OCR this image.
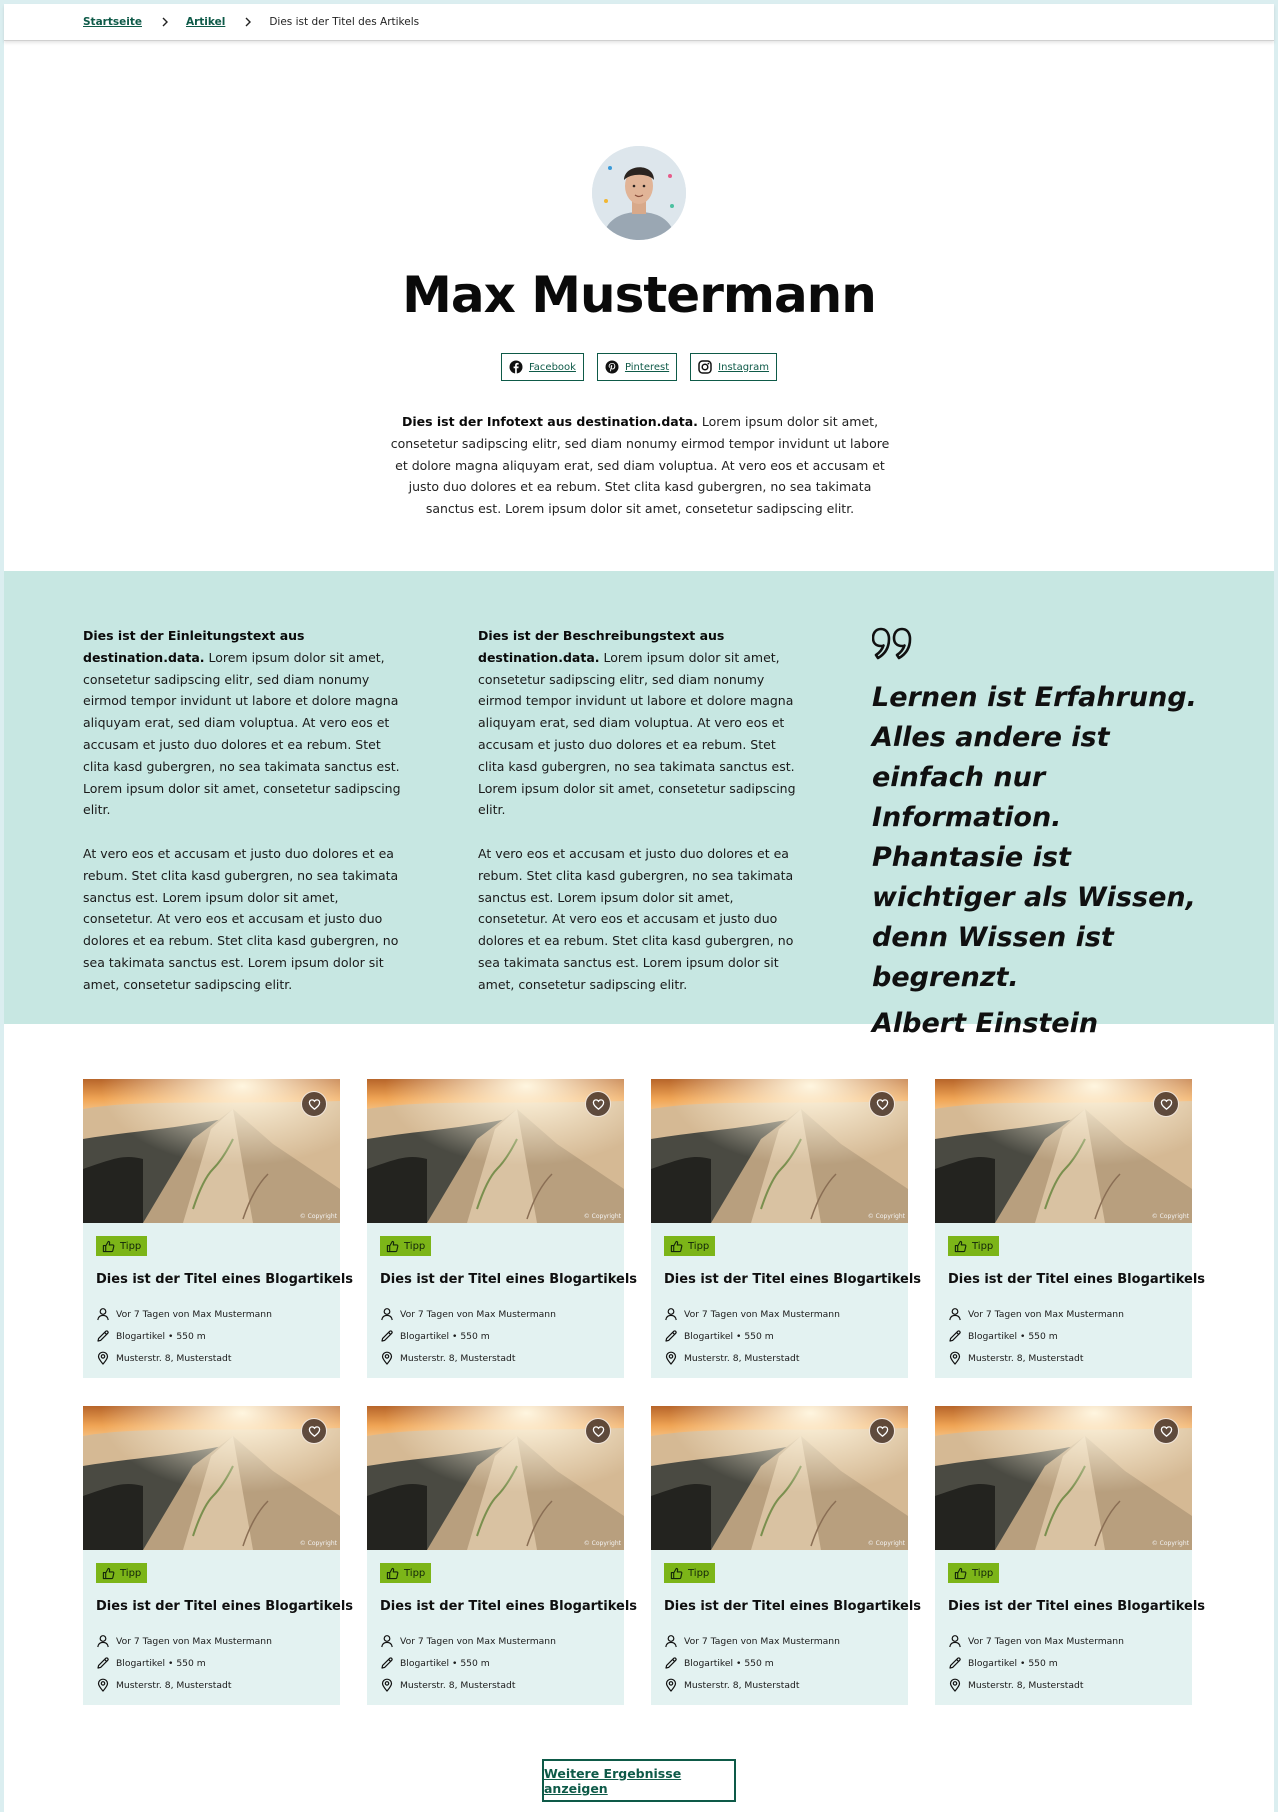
Startseite	Artikel	Dies ist der Titel des Artikels
Max Mustermann
Facebook	Pinterest	Instagram

Dies ist der Infotext aus destination.data. Lorem ipsum dolor sit amet, consetetur sadipscing elitr, sed diam nonumy eirmod tempor invidunt ut labore et dolore magna aliquyam erat, sed diam voluptua. At vero eos et accusam et justo duo dolores et ea rebum. Stet clita kasd gubergren, no sea takimata sanctus est. Lorem ipsum dolor sit amet, consetetur sadipscing elitr.

Dies ist der Einleitungstext aus destination.data. Lorem ipsum dolor sit amet, consetetur sadipscing elitr, sed diam nonumy eirmod tempor invidunt ut labore et dolore magna aliquyam erat, sed diam voluptua. At vero eos et accusam et justo duo dolores et ea rebum. Stet clita kasd gubergren, no sea takimata sanctus est. Lorem ipsum dolor sit amet, consetetur sadipscing elitr.

At vero eos et accusam et justo duo dolores et ea rebum. Stet clita kasd gubergren, no sea takimata sanctus est. Lorem ipsum dolor sit amet, consetetur. At vero eos et accusam et justo duo dolores et ea rebum. Stet clita kasd gubergren, no sea takimata sanctus est. Lorem ipsum dolor sit amet, consetetur sadipscing elitr.

Dies ist der Beschreibungstext aus destination.data. Lorem ipsum dolor sit amet, consetetur sadipscing elitr, sed diam nonumy eirmod tempor invidunt ut labore et dolore magna aliquyam erat, sed diam voluptua. At vero eos et accusam et justo duo dolores et ea rebum. Stet clita kasd gubergren, no sea takimata sanctus est. Lorem ipsum dolor sit amet, consetetur sadipscing elitr.

At vero eos et accusam et justo duo dolores et ea rebum. Stet clita kasd gubergren, no sea takimata sanctus est. Lorem ipsum dolor sit amet, consetetur. At vero eos et accusam et justo duo dolores et ea rebum. Stet clita kasd gubergren, no sea takimata sanctus est. Lorem ipsum dolor sit amet, consetetur sadipscing elitr.

Lernen ist Erfahrung. Alles andere ist einfach nur Information. Phantasie ist wichtiger als Wissen, denn Wissen ist begrenzt.

Albert Einstein

© Copyright
Tipp
Dies ist der Titel eines Blogartikels
Vor 7 Tagen von Max Mustermann
Blogartikel • 550 m
Musterstr. 8, Musterstadt
© Copyright
Tipp
Dies ist der Titel eines Blogartikels
Vor 7 Tagen von Max Mustermann
Blogartikel • 550 m
Musterstr. 8, Musterstadt
© Copyright
Tipp
Dies ist der Titel eines Blogartikels
Vor 7 Tagen von Max Mustermann
Blogartikel • 550 m
Musterstr. 8, Musterstadt
© Copyright
Tipp
Dies ist der Titel eines Blogartikels
Vor 7 Tagen von Max Mustermann
Blogartikel • 550 m
Musterstr. 8, Musterstadt
© Copyright
Tipp
Dies ist der Titel eines Blogartikels
Vor 7 Tagen von Max Mustermann
Blogartikel • 550 m
Musterstr. 8, Musterstadt
© Copyright
Tipp
Dies ist der Titel eines Blogartikels
Vor 7 Tagen von Max Mustermann
Blogartikel • 550 m
Musterstr. 8, Musterstadt
© Copyright
Tipp
Dies ist der Titel eines Blogartikels
Vor 7 Tagen von Max Mustermann
Blogartikel • 550 m
Musterstr. 8, Musterstadt
© Copyright
Tipp
Dies ist der Titel eines Blogartikels
Vor 7 Tagen von Max Mustermann
Blogartikel • 550 m
Musterstr. 8, Musterstadt
Weitere Ergebnisse anzeigen
